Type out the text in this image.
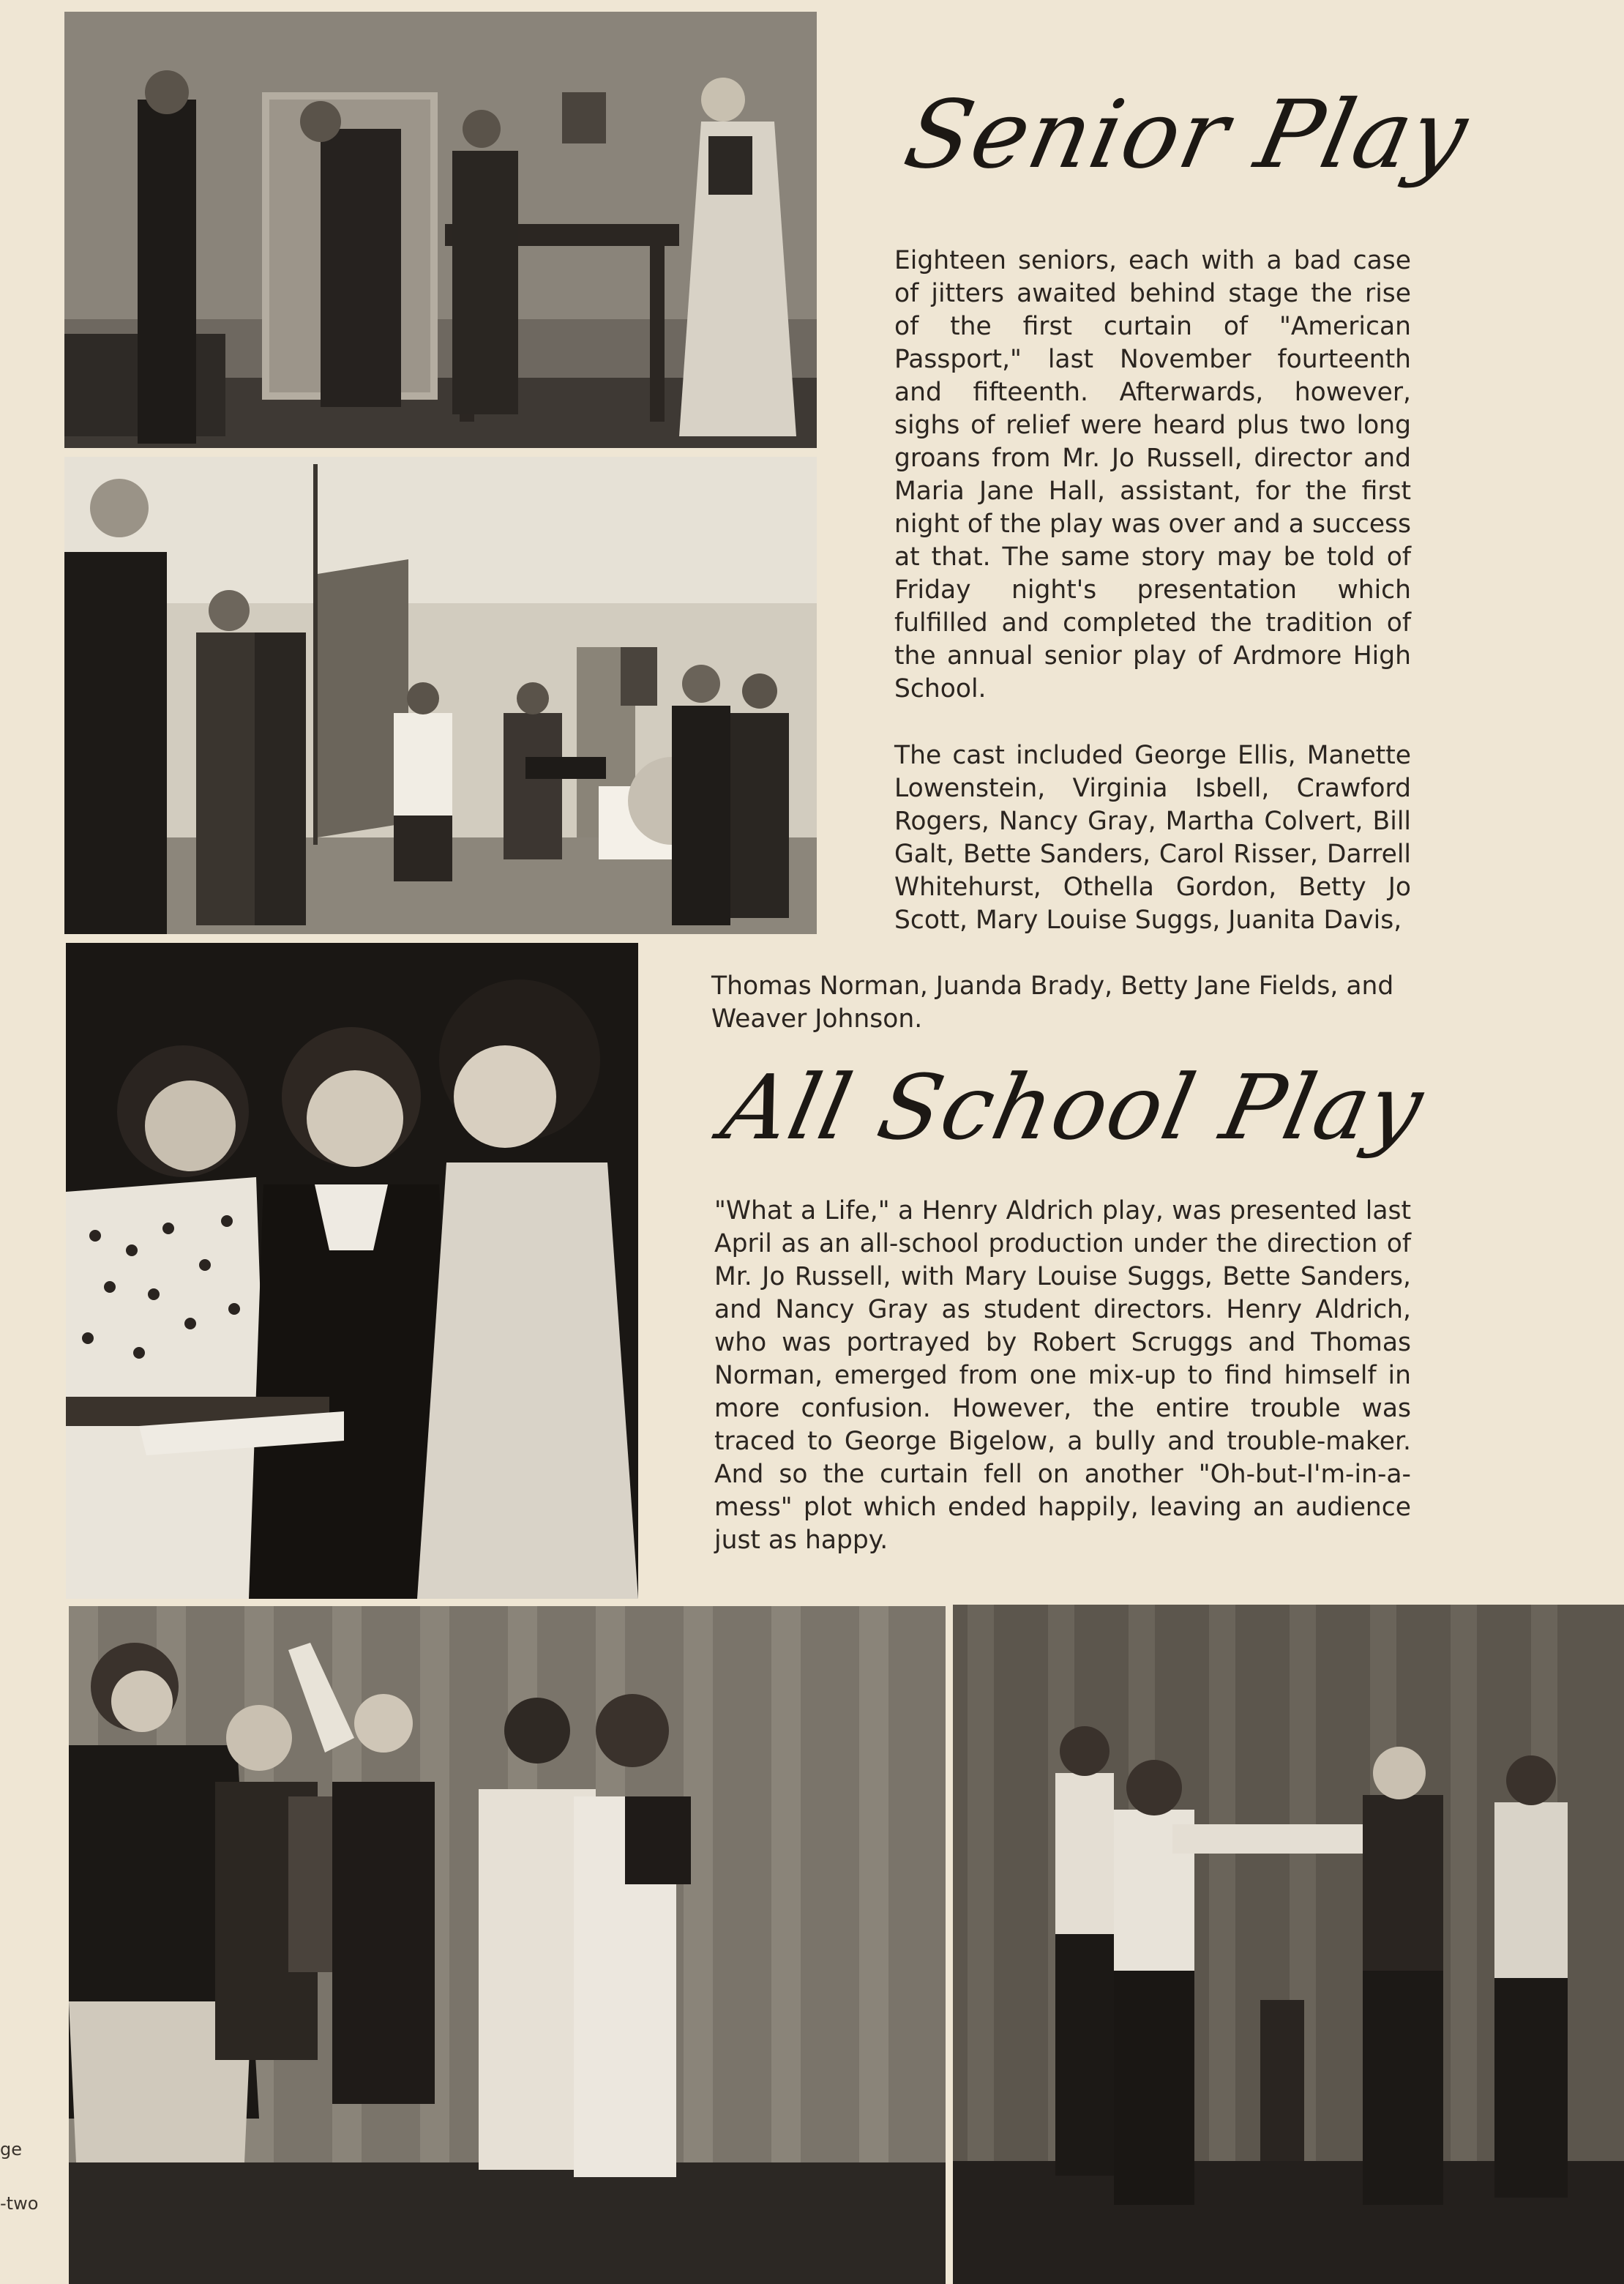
Senior Play

Eighteen seniors, each with a bad case of jitters awaited behind stage the rise of the first curtain of "American Passport," last November fourteenth and fifteenth. Afterwards, however, sighs of relief were heard plus two long groans from Mr. Jo Russell, director and Maria Jane Hall, assistant, for the first night of the play was over and a success at that. The same story may be told of Friday night's presentation which fulfilled and completed the tradition of the annual senior play of Ardmore High School.

The cast included George Ellis, Manette Lowenstein, Virginia Isbell, Crawford Rogers, Nancy Gray, Martha Colvert, Bill Galt, Bette Sanders, Carol Risser, Darrell Whitehurst, Othella Gordon, Betty Jo Scott, Mary Louise Suggs, Juanita Davis,

Thomas Norman, Juanda Brady, Betty Jane Fields, and Weaver Johnson.

All School Play

"What a Life," a Henry Aldrich play, was presented last April as an all-school production under the direction of Mr. Jo Russell, with Mary Louise Suggs, Bette Sanders, and Nancy Gray as student directors. Henry Aldrich, who was portrayed by Robert Scruggs and Thomas Norman, emerged from one mix-up to find himself in more confusion. However, the entire trouble was traced to George Bigelow, a bully and trouble-maker. And so the curtain fell on another "Oh-but-I'm-in-a-mess" plot which ended happily, leaving an audience just as happy.

ge
-two
